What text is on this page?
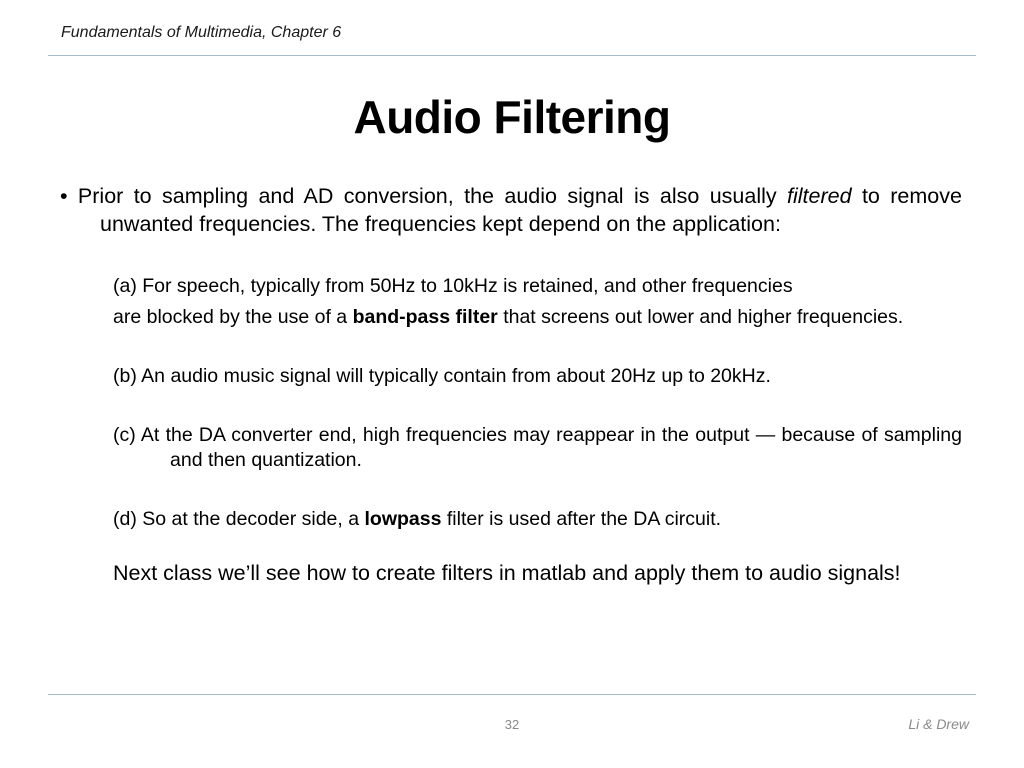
Fundamentals of Multimedia, Chapter 6
Audio Filtering
• Prior to sampling and AD conversion, the audio signal is also usually filtered to remove unwanted frequencies. The frequencies kept depend on the application:
(a) For speech, typically from 50Hz to 10kHz is retained, and other frequencies
are blocked by the use of a band-pass filter that screens out lower and higher frequencies.
(b) An audio music signal will typically contain from about 20Hz up to 20kHz.
(c) At the DA converter end, high frequencies may reappear in the output — because of sampling and then quantization.
(d) So at the decoder side, a lowpass filter is used after the DA circuit.
Next class we’ll see how to create filters in matlab and apply them to audio signals!
32	Li & Drew
